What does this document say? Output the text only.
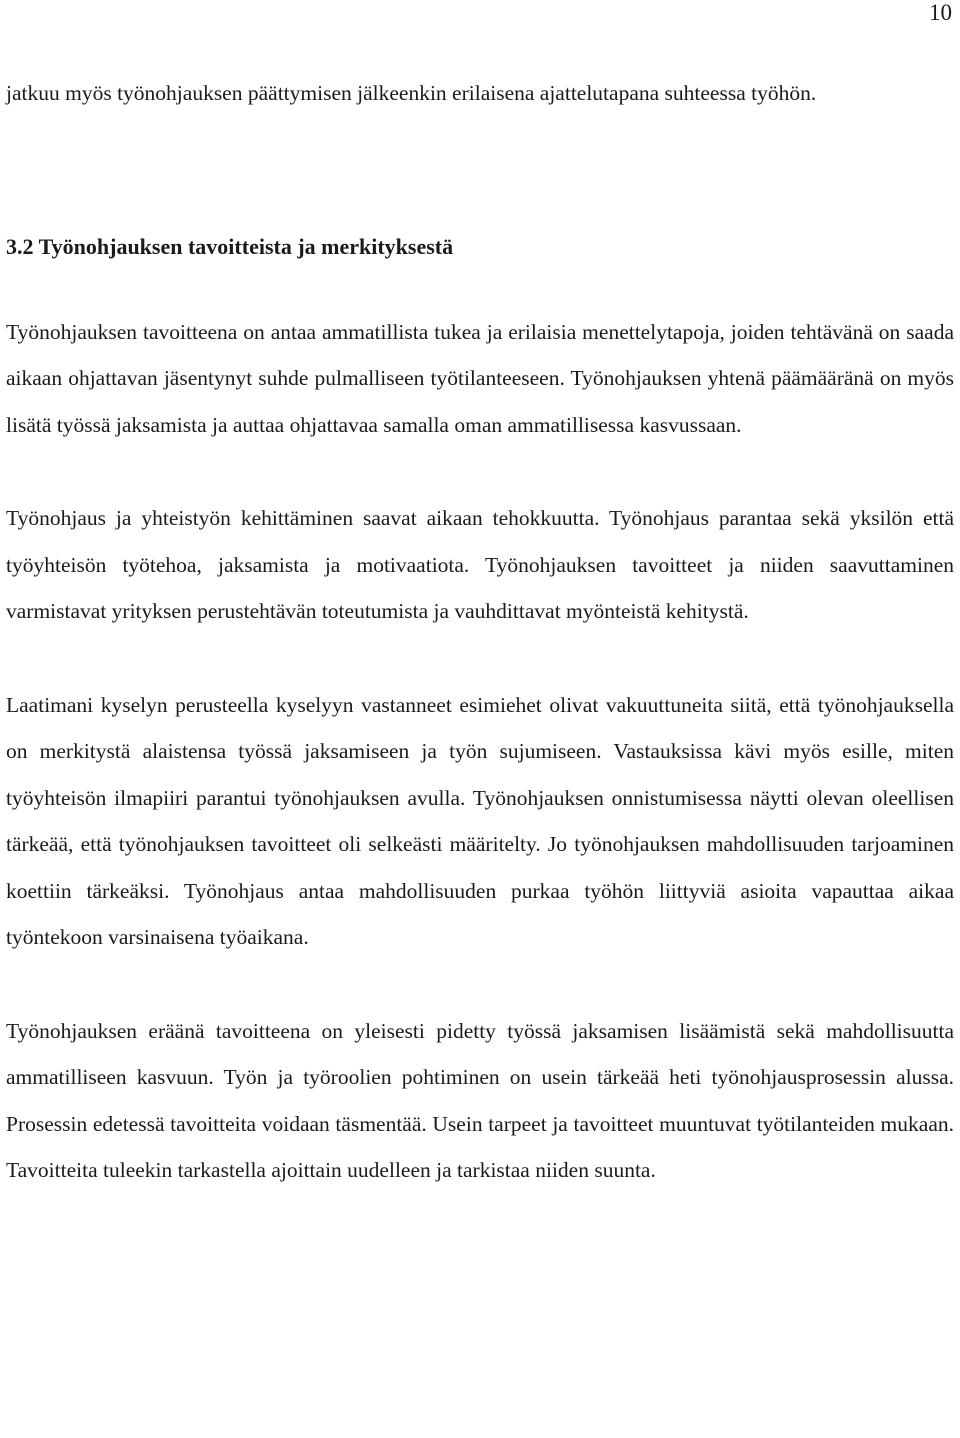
10

jatkuu myös työnohjauksen päättymisen jälkeenkin erilaisena ajattelutapana suhteessa työhön.

3.2 Työnohjauksen tavoitteista ja merkityksestä

Työnohjauksen tavoitteena on antaa ammatillista tukea ja erilaisia menettelytapoja, joiden tehtävänä on saada aikaan ohjattavan jäsentynyt suhde pulmalliseen työtilanteeseen. Työnohjauksen yhtenä päämääränä on myös lisätä työssä jaksamista ja auttaa ohjattavaa samalla oman ammatillisessa kasvussaan.

Työnohjaus ja yhteistyön kehittäminen saavat aikaan tehokkuutta. Työnohjaus parantaa sekä yksilön että työyhteisön työtehoa, jaksamista ja motivaatiota. Työnohjauksen tavoitteet ja niiden saavuttaminen varmistavat yrityksen perustehtävän toteutumista ja vauhdittavat myönteistä kehitystä.

Laatimani kyselyn perusteella kyselyyn vastanneet esimiehet olivat vakuuttuneita siitä, että työnohjauksella on merkitystä alaistensa työssä jaksamiseen ja työn sujumiseen. Vastauksissa kävi myös esille, miten työyhteisön ilmapiiri parantui työnohjauksen avulla. Työnohjauksen onnistumisessa näytti olevan oleellisen tärkeää, että työnohjauksen tavoitteet oli selkeästi määritelty. Jo työnohjauksen mahdollisuuden tarjoaminen koettiin tärkeäksi. Työnohjaus antaa mahdollisuuden purkaa työhön liittyviä asioita vapauttaa aikaa työntekoon varsinaisena työaikana.

Työnohjauksen eräänä tavoitteena on yleisesti pidetty työssä jaksamisen lisäämistä sekä mahdollisuutta ammatilliseen kasvuun. Työn ja työroolien pohtiminen on usein tärkeää heti työnohjausprosessin alussa. Prosessin edetessä tavoitteita voidaan täsmentää. Usein tarpeet ja tavoitteet muuntuvat työtilanteiden mukaan. Tavoitteita tuleekin tarkastella ajoittain uudelleen ja tarkistaa niiden suunta.
